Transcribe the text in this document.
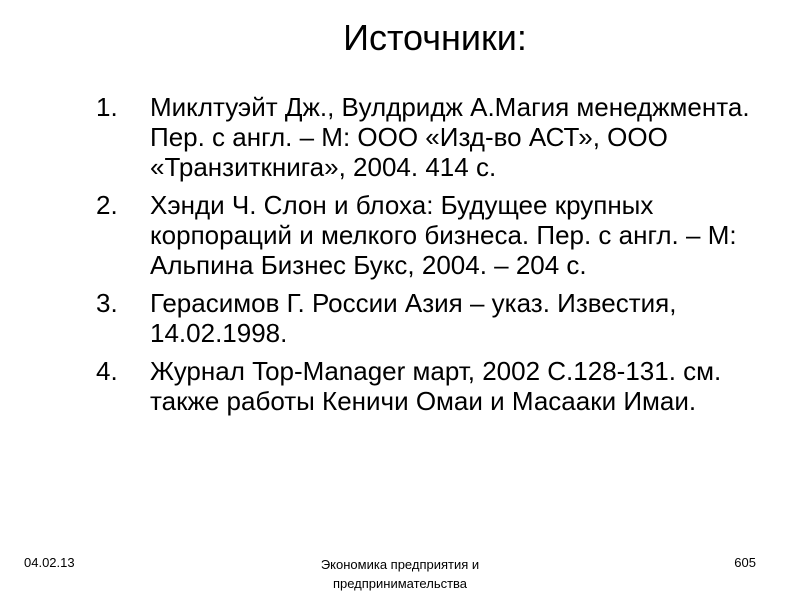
Источники:
1. Миклтуэйт Дж., Вулдридж А.Магия менеджмента. Пер. с англ. – М: ООО «Изд-во АСТ», ООО «Транзиткнига», 2004. 414 с.
2. Хэнди Ч. Слон и блоха: Будущее крупных корпораций и мелкого бизнеса. Пер. с англ. – М: Альпина Бизнес Букс, 2004. – 204 с.
3. Герасимов Г. России Азия – указ. Известия, 14.02.1998.
4. Журнал Top-Manager март, 2002 С.128-131. см. также работы Кеничи Омаи и Масааки Имаи.
04.02.13	Экономика предприятия и предпринимательства
605
